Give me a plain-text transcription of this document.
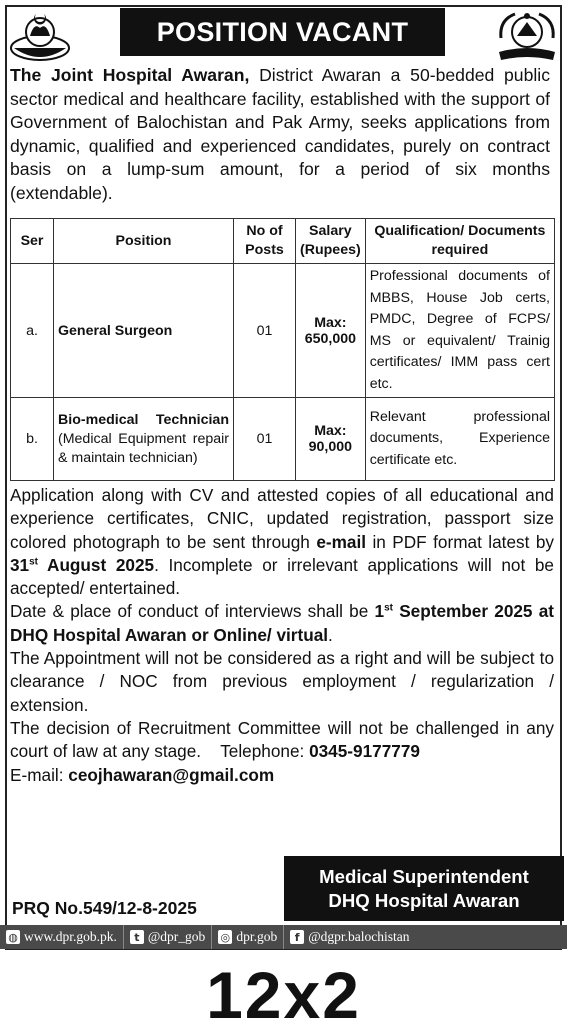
POSITION VACANT
The Joint Hospital Awaran, District Awaran a 50-bedded public sector medical and healthcare facility, established with the support of Government of Balochistan and Pak Army, seeks applications from dynamic, qualified and experienced candidates, purely on contract basis on a lump-sum amount, for a period of six months (extendable).
Ser	Position	No of Posts	Salary (Rupees)	Qualification/ Documents required
a.	General Surgeon	01	Max: 650,000	Professional documents of MBBS, House Job certs, PMDC, Degree of FCPS/ MS or equivalent/ Trainig certificates/ IMM pass cert etc.
b.	Bio-medical Technician (Medical Equipment repair & maintain technician)	01	Max: 90,000	Relevant professional documents, Experience certificate etc.

Application along with CV and attested copies of all educational and experience certificates, CNIC, updated registration, passport size colored photograph to be sent through e-mail in PDF format latest by 31st August 2025. Incomplete or irrelevant applications will not be accepted/ entertained.

Date & place of conduct of interviews shall be 1st September 2025 at DHQ Hospital Awaran or Online/ virtual.

The Appointment will not be considered as a right and will be subject to clearance / NOC from previous employment / regularization / extension.

The decision of Recruitment Committee will not be challenged in any court of law at any stage. Telephone: 0345-9177779

E-mail: ceojhawaran@gmail.com

Medical Superintendent
DHQ Hospital Awaran
PRQ No.549/12-8-2025
◍ www.dpr.gob.pk.	t @dpr_gob ◎ dpr.gob	f @dgpr.balochistan
12x2
